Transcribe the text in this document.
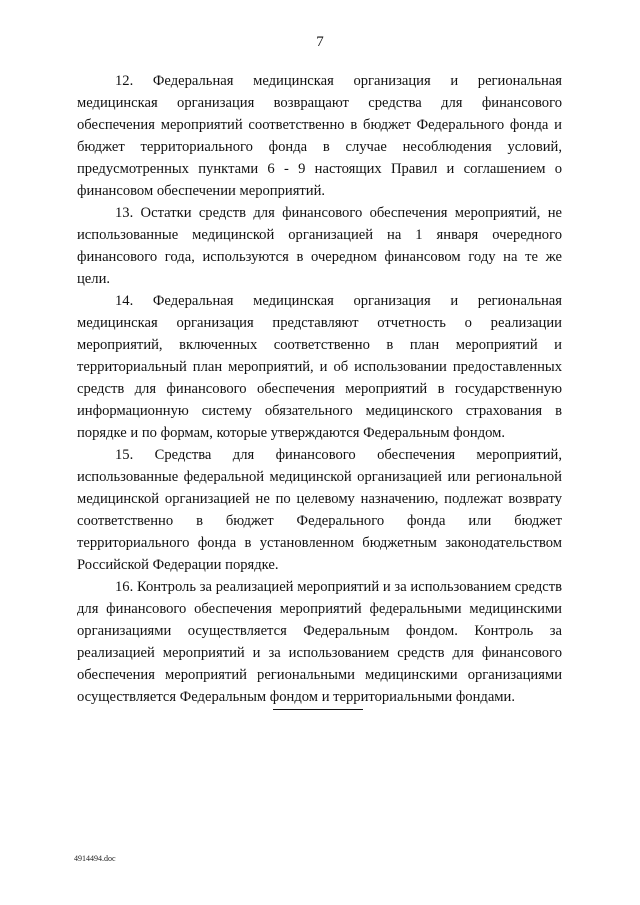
7

12. Федеральная медицинская организация и региональная медицинская организация возвращают средства для финансового обеспечения мероприятий соответственно в бюджет Федерального фонда и бюджет территориального фонда в случае несоблюдения условий, предусмотренных пунктами 6 - 9 настоящих Правил и соглашением о финансовом обеспечении мероприятий.

13. Остатки средств для финансового обеспечения мероприятий, не использованные медицинской организацией на 1 января очередного финансового года, используются в очередном финансовом году на те же цели.

14. Федеральная медицинская организация и региональная медицинская организация представляют отчетность о реализации мероприятий, включенных соответственно в план мероприятий и территориальный план мероприятий, и об использовании предоставленных средств для финансового обеспечения мероприятий в государственную информационную систему обязательного медицинского страхования в порядке и по формам, которые утверждаются Федеральным фондом.

15. Средства для финансового обеспечения мероприятий, использованные федеральной медицинской организацией или региональной медицинской организацией не по целевому назначению, подлежат возврату соответственно в бюджет Федерального фонда или бюджет территориального фонда в установленном бюджетным законодательством Российской Федерации порядке.

16. Контроль за реализацией мероприятий и за использованием средств для финансового обеспечения мероприятий федеральными медицинскими организациями осуществляется Федеральным фондом. Контроль за реализацией мероприятий и за использованием средств для финансового обеспечения мероприятий региональными медицинскими организациями осуществляется Федеральным фондом и территориальными фондами.

4914494.doc
